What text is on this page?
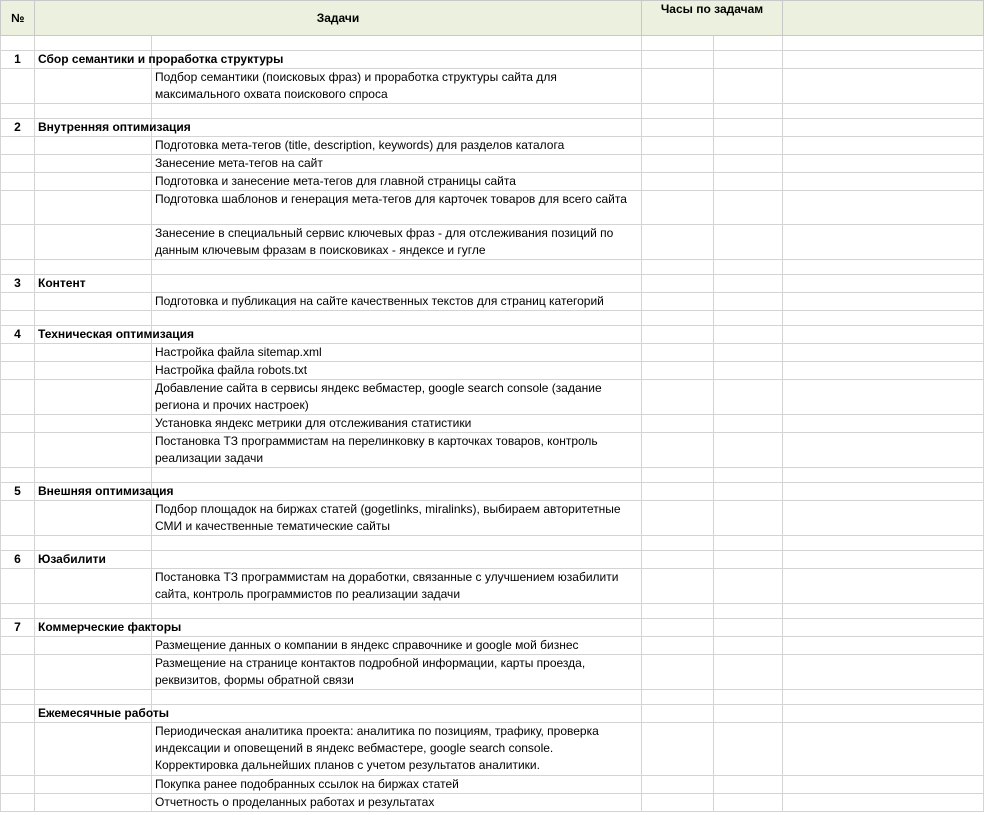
№	Задачи		Часы по задачам		

1	Сбор семантики и проработка структуры				
		Подбор семантики (поисковых фраз) и проработка структуры сайта для максимального охвата поискового спроса			

2	Внутренняя оптимизация				
		Подготовка мета-тегов (title, description, keywords) для разделов каталога			
		Занесение мета-тегов на сайт			
		Подготовка и занесение мета-тегов для главной страницы сайта			
		Подготовка шаблонов и генерация мета-тегов для карточек товаров для всего сайта			
		Занесение в специальный сервис ключевых фраз - для отслеживания позиций по данным ключевым фразам в поисковиках - яндексе и гугле			

3	Контент				
		Подготовка и публикация на сайте качественных текстов для страниц категорий			

4	Техническая оптимизация				
		Настройка файла sitemap.xml			
		Настройка файла robots.txt			
		Добавление сайта в сервисы яндекс вебмастер, google search console (задание региона и прочих настроек)			
		Установка яндекс метрики для отслеживания статистики			
		Постановка ТЗ программистам на перелинковку в карточках товаров, контроль реализации задачи			

5	Внешняя оптимизация				
		Подбор площадок на биржах статей (gogetlinks, miralinks), выбираем авторитетные СМИ и качественные тематические сайты			

6	Юзабилити				
		Постановка ТЗ программистам на доработки, связанные с улучшением юзабилити сайта, контроль программистов по реализации задачи			

7	Коммерческие факторы				
		Размещение данных о компании в яндекс справочнике и google мой бизнес			
		Размещение на странице контактов подробной информации, карты проезда, реквизитов, формы обратной связи			

	Ежемесячные работы				
		Периодическая аналитика проекта: аналитика по позициям, трафику, проверка индексации и оповещений в яндекс вебмастере, google search console. Корректировка дальнейших планов с учетом результатов аналитики.			
		Покупка ранее подобранных ссылок на биржах статей			
		Отчетность о проделанных работах и результатах			
